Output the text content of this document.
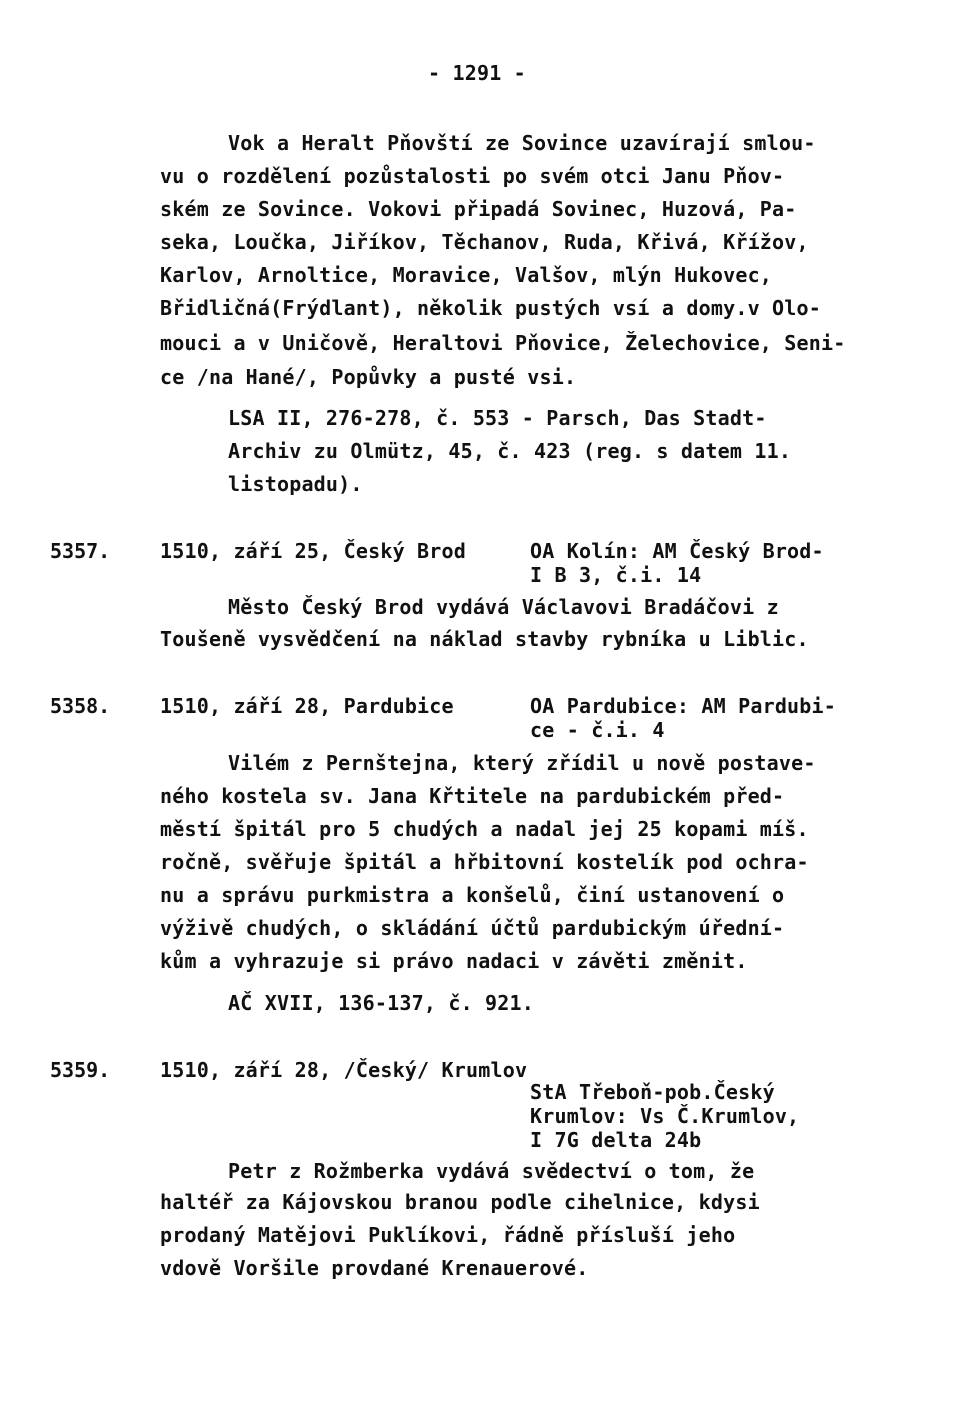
- 1291 -
Vok a Heralt Pňovští ze Sovince uzavírají smlou-
vu o rozdělení pozůstalosti po svém otci Janu Pňov-
ském ze Sovince. Vokovi připadá Sovinec, Huzová, Pa-
seka, Loučka, Jiříkov, Těchanov, Ruda, Křivá, Křížov,
Karlov, Arnoltice, Moravice, Valšov, mlýn Hukovec,
Břidličná(Frýdlant), několik pustých vsí a domy.v Olo-
mouci a v Uničově, Heraltovi Pňovice, Želechovice, Seni-
ce /na Hané/, Popůvky a pusté vsi.
LSA II, 276-278, č. 553 - Parsch, Das Stadt-
Archiv zu Olmütz, 45, č. 423 (reg. s datem 11.
listopadu).
5357. 1510, září 25, Český Brod	OA Kolín: AM Český Brod-
I B 3, č.i. 14
Město Český Brod vydává Václavovi Bradáčovi z
Toušeně vysvědčení na náklad stavby rybníka u Liblic.
5358. 1510, září 28, Pardubice	OA Pardubice: AM Pardubi-
ce - č.i. 4
Vilém z Pernštejna, který zřídil u nově postave-
ného kostela sv. Jana Křtitele na pardubickém před-
městí špitál pro 5 chudých a nadal jej 25 kopami míš.
ročně, svěřuje špitál a hřbitovní kostelík pod ochra-
nu a správu purkmistra a konšelů, činí ustanovení o
výživě chudých, o skládání účtů pardubickým úřední-
kům a vyhrazuje si právo nadaci v závěti změnit.
AČ XVII, 136-137, č. 921.
5359. 1510, září 28, /Český/ Krumlov
StA Třeboň-pob.Český
Krumlov: Vs Č.Krumlov,
I 7G delta 24b
Petr z Rožmberka vydává svědectví o tom, že
haltéř za Kájovskou branou podle cihelnice, kdysi
prodaný Matějovi Puklíkovi, řádně přísluší jeho
vdově Voršile provdané Krenauerové.
